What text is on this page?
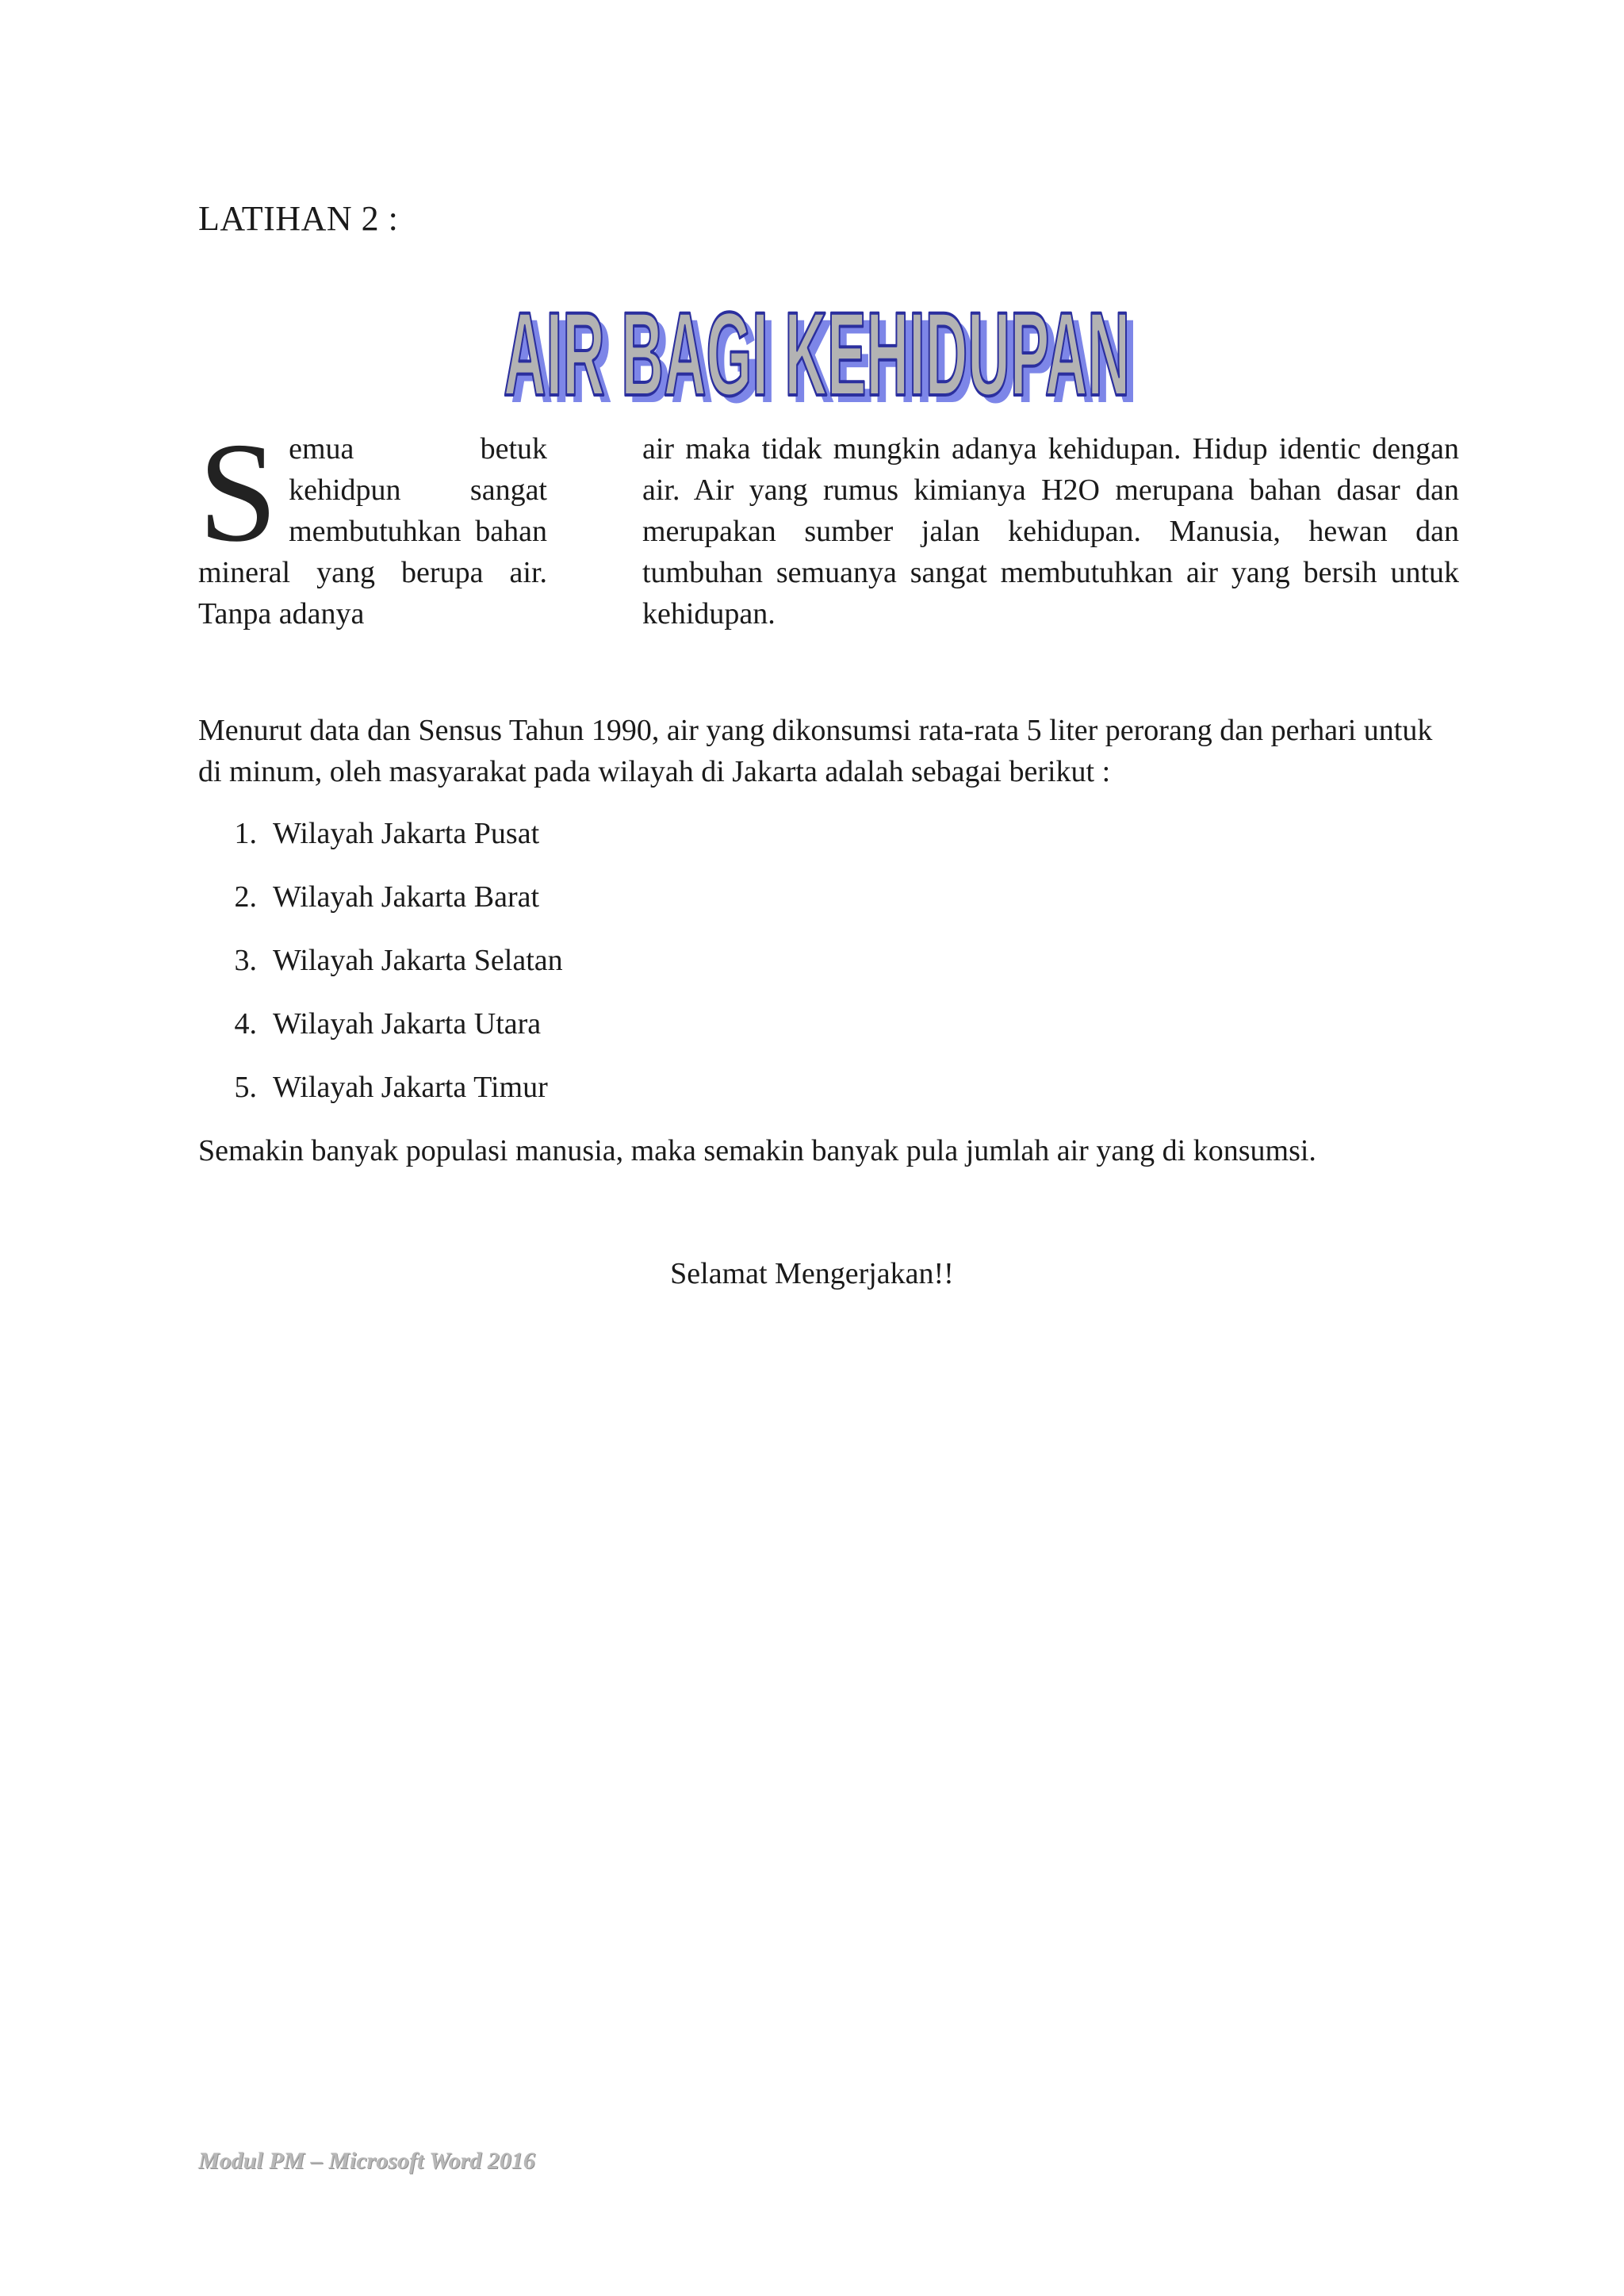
LATIHAN 2 :
AIR BAGI KEHIDUPAN
AIR BAGI KEHIDUPAN
Semua betuk kehidpun sangat membutuhkan bahan mineral yang berupa air. Tanpa adanya
air maka tidak mungkin adanya kehidupan. Hidup identic dengan air. Air yang rumus kimianya H2O merupana bahan dasar dan merupakan sumber jalan kehidupan. Manusia, hewan dan tumbuhan semuanya sangat membutuhkan air yang bersih untuk kehidupan.
Menurut data dan Sensus Tahun 1990, air yang dikonsumsi rata-rata 5 liter perorang dan perhari untuk di minum, oleh masyarakat pada wilayah di Jakarta adalah sebagai berikut :
1. Wilayah Jakarta Pusat
2. Wilayah Jakarta Barat
3. Wilayah Jakarta Selatan
4. Wilayah Jakarta Utara
5. Wilayah Jakarta Timur
Semakin banyak populasi manusia, maka semakin banyak pula jumlah air yang di konsumsi.
Selamat Mengerjakan!!
Modul PM – Microsoft Word 2016
